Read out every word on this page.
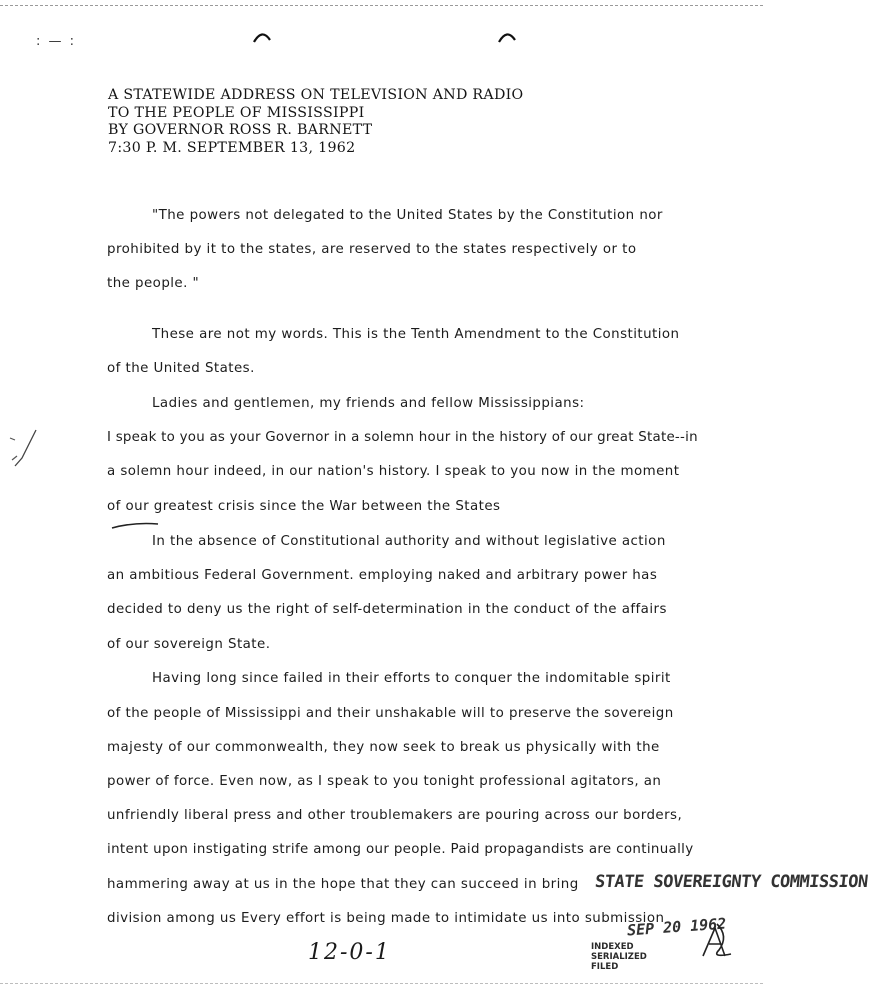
: — :
A STATEWIDE ADDRESS ON TELEVISION AND RADIO
TO THE PEOPLE OF MISSISSIPPI
BY GOVERNOR ROSS R. BARNETT
7:30 P. M. SEPTEMBER 13, 1962
"The powers not delegated to the United States by the Constitution nor
prohibited by it to the states, are reserved to the states respectively or to
the people. "
These are not my words. This is the Tenth Amendment to the Constitution
of the United States.
Ladies and gentlemen, my friends and fellow Mississippians:
I speak to you as your Governor in a solemn hour in the history of our great State--in
a solemn hour indeed, in our nation's history. I speak to you now in the moment
of our greatest crisis since the War between the States
In the absence of Constitutional authority and without legislative action
an ambitious Federal Government. employing naked and arbitrary power has
decided to deny us the right of self-determination in the conduct of the affairs
of our sovereign State.
Having long since failed in their efforts to conquer the indomitable spirit
of the people of Mississippi and their unshakable will to preserve the sovereign
majesty of our commonwealth, they now seek to break us physically with the
power of force. Even now, as I speak to you tonight professional agitators, an
unfriendly liberal press and other troublemakers are pouring across our borders,
intent upon instigating strife among our people. Paid propagandists are continually
hammering away at us in the hope that they can succeed in bring
division among us Every effort is being made to intimidate us into submission
STATE SOVEREIGNTY COMMISSION
SEP 20 1962
INDEXED
SERIALIZED
FILED
12-0-1
